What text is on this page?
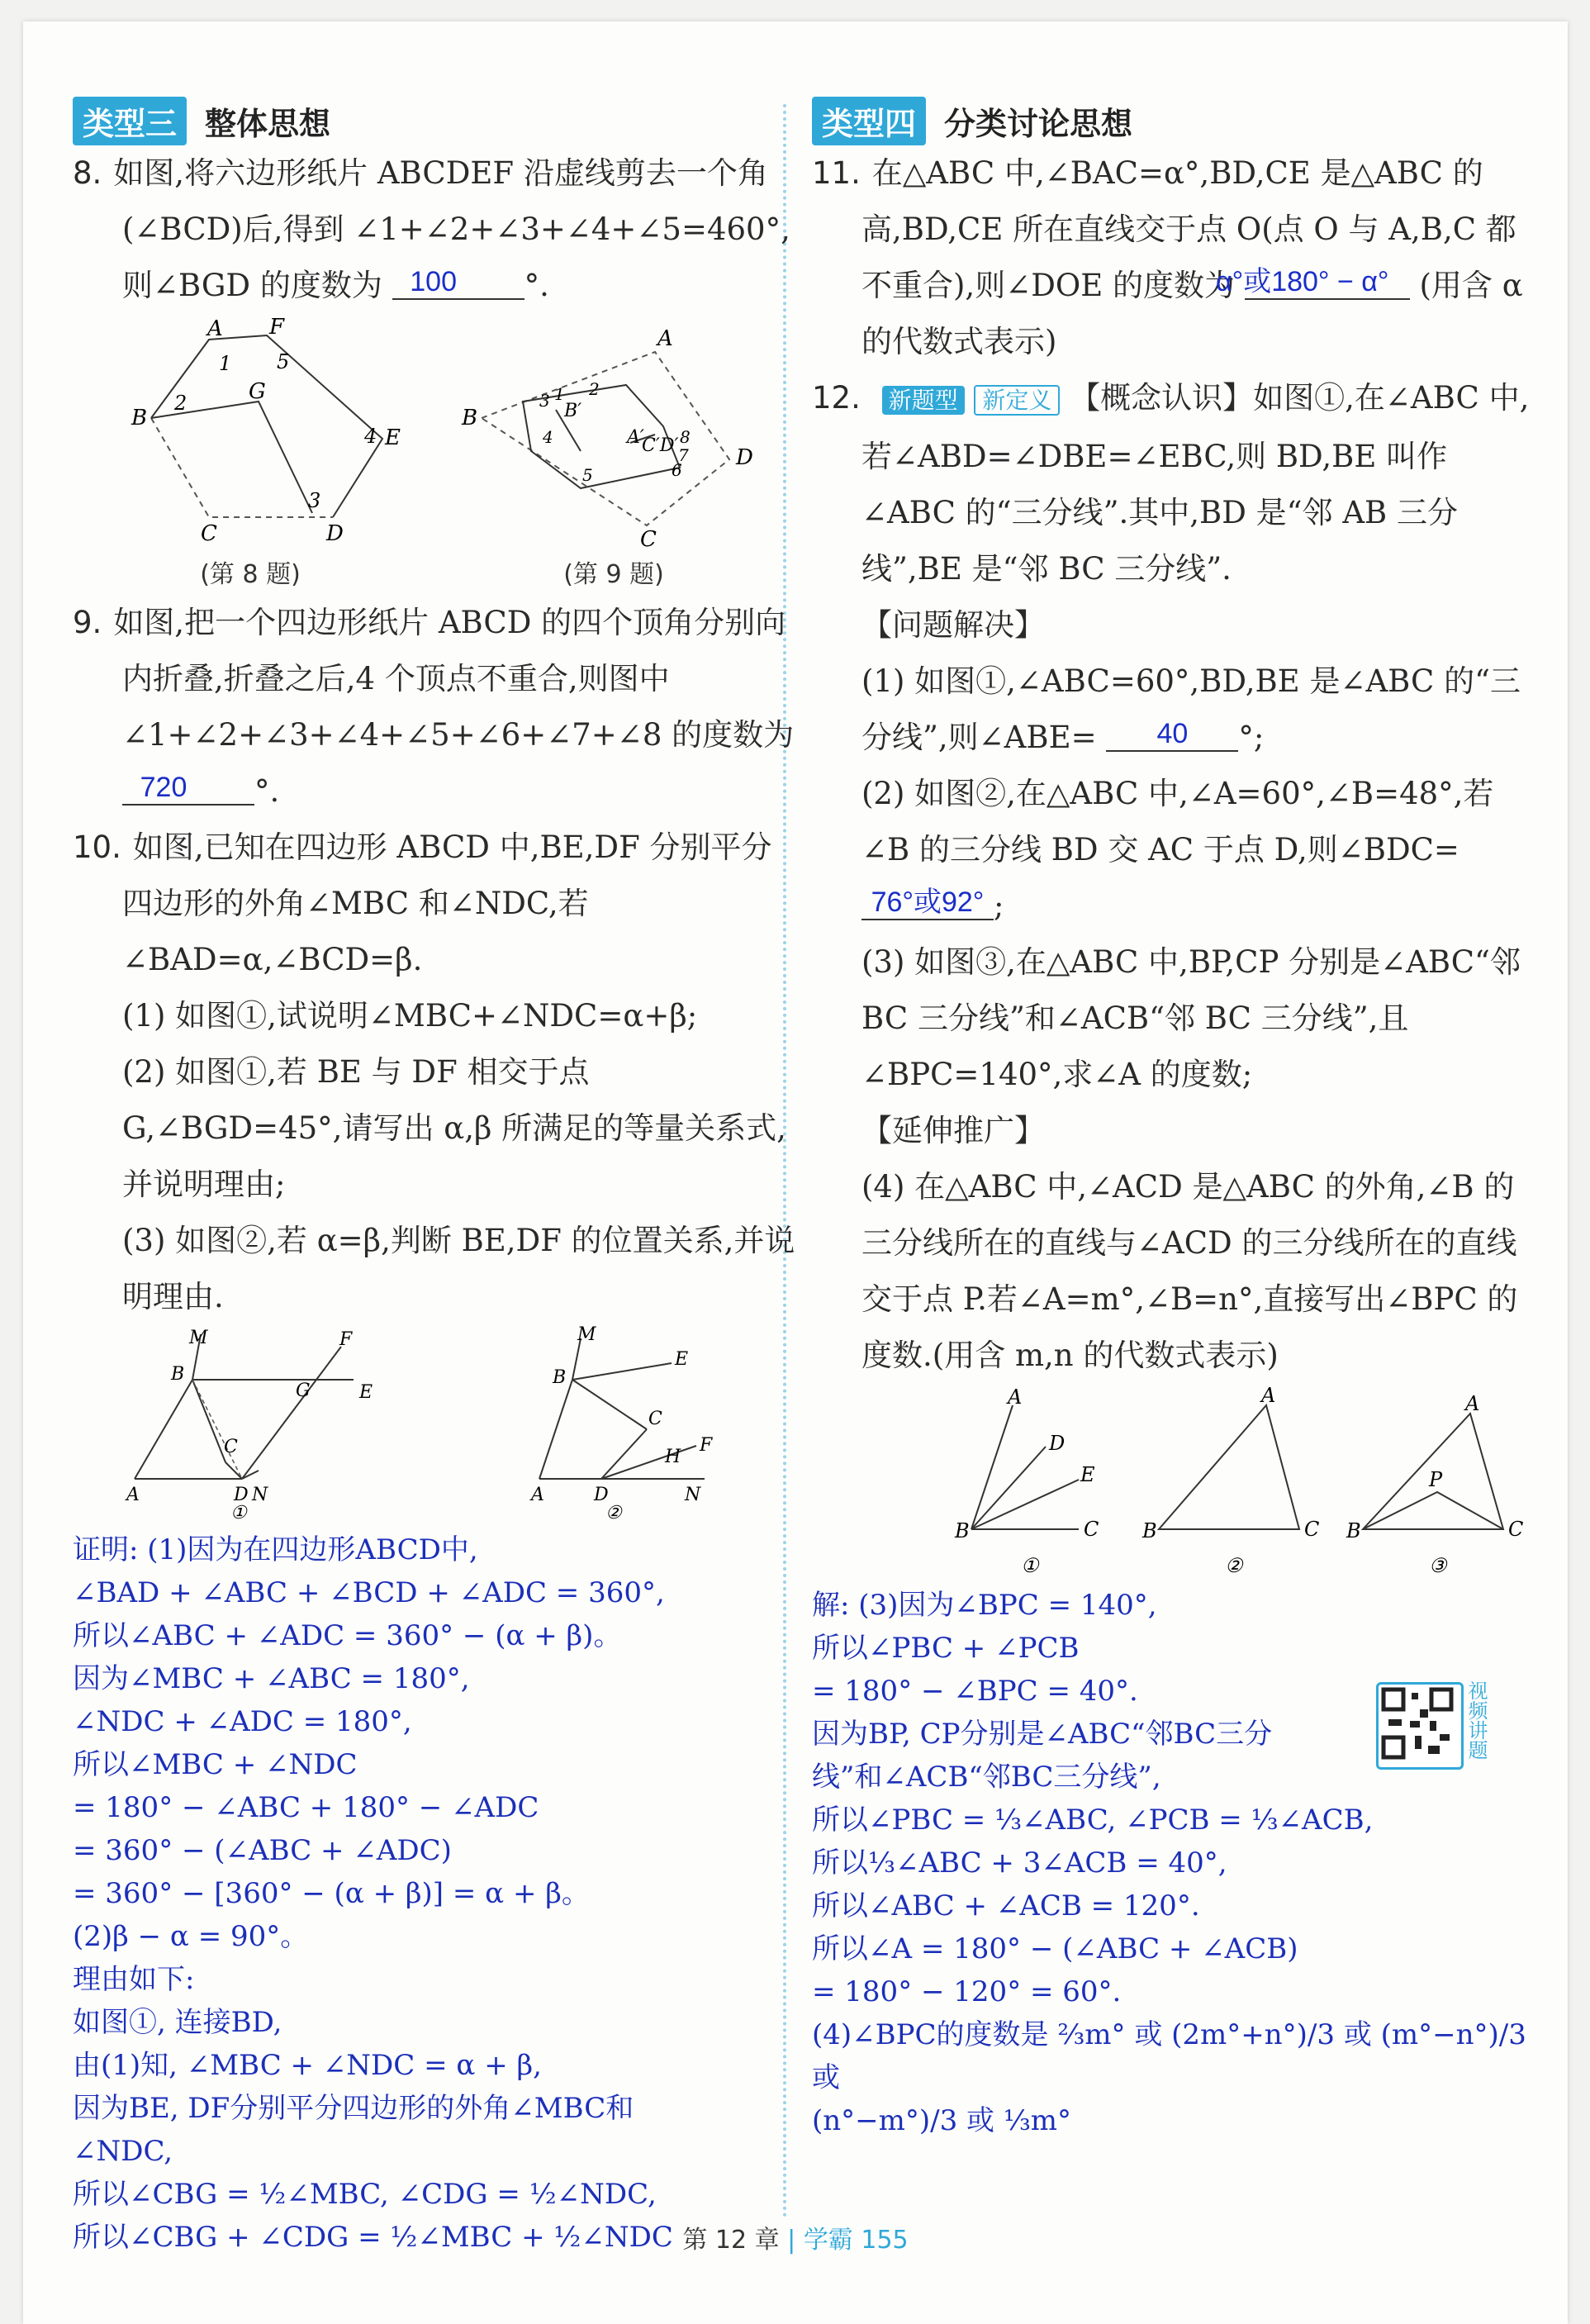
类型三 整体思想
8. 如图,将六边形纸片 ABCDEF 沿虚线剪去一个角(∠BCD)后,得到 ∠1+∠2+∠3+∠4+∠5=460°,则∠BGD 的度数为 100 °.
A F
B
G
E
C	D
1
2
3
4
5
(第 8 题)
A
B
C
D
B′
A′
C′D′
1 2
3
4
5	6
7
8
(第 9 题)
9. 如图,把一个四边形纸片 ABCD 的四个顶角分别向内折叠,折叠之后,4 个顶点不重合,则图中∠1+∠2+∠3+∠4+∠5+∠6+∠7+∠8 的度数为 720 °.
10. 如图,已知在四边形 ABCD 中,BE,DF 分别平分四边形的外角∠MBC 和∠NDC,若∠BAD=α,∠BCD=β.
(1) 如图①,试说明∠MBC+∠NDC=α+β;
(2) 如图①,若 BE 与 DF 相交于点 G,∠BGD=45°,请写出 α,β 所满足的等量关系式,并说明理由;
(3) 如图②,若 α=β,判断 BE,DF 的位置关系,并说明理由.
M	F
B
G	E
C
A	D N
①
M
E
B
C
F
H
A	D	N
②
证明: (1)因为在四边形ABCD中,
∠BAD + ∠ABC + ∠BCD + ∠ADC = 360°,
所以∠ABC + ∠ADC = 360° − (α + β)。
因为∠MBC + ∠ABC = 180°,
∠NDC + ∠ADC = 180°,
所以∠MBC + ∠NDC
= 180° − ∠ABC + 180° − ∠ADC
= 360° − (∠ABC + ∠ADC)
= 360° − [360° − (α + β)] = α + β。
(2)β − α = 90°。
理由如下:
如图①, 连接BD,
由(1)知, ∠MBC + ∠NDC = α + β,
因为BE, DF分别平分四边形的外角∠MBC和
∠NDC,
所以∠CBG = ½∠MBC, ∠CDG = ½∠NDC,
所以∠CBG + ∠CDG = ½∠MBC + ½∠NDC
类型四 分类讨论思想
11. 在△ABC 中,∠BAC=α°,BD,CE 是△ABC 的高,BD,CE 所在直线交于点 O(点 O 与 A,B,C 都不重合),则∠DOE 的度数为 α°或180° − α° (用含 α 的代数式表示)
12. 新题型 新定义 【概念认识】如图①,在∠ABC 中,若∠ABD=∠DBE=∠EBC,则 BD,BE 叫作∠ABC 的“三分线”.其中,BD 是“邻 AB 三分线”,BE 是“邻 BC 三分线”.
【问题解决】
(1) 如图①,∠ABC=60°,BD,BE 是∠ABC 的“三分线”,则∠ABE= 40 °;
(2) 如图②,在△ABC 中,∠A=60°,∠B=48°,若∠B 的三分线 BD 交 AC 于点 D,则∠BDC= 76°或92° ;
(3) 如图③,在△ABC 中,BP,CP 分别是∠ABC“邻 BC 三分线”和∠ACB“邻 BC 三分线”,且∠BPC=140°,求∠A 的度数;
【延伸推广】
(4) 在△ABC 中,∠ACD 是△ABC 的外角,∠B 的三分线所在的直线与∠ACD 的三分线所在的直线交于点 P.若∠A=m°,∠B=n°,直接写出∠BPC 的度数.(用含 m,n 的代数式表示)
A
D
E
B	C
①
A
B	C
②
A
P
B	C
③
解: (3)因为∠BPC = 140°,
所以∠PBC + ∠PCB
= 180° − ∠BPC = 40°.
因为BP, CP分别是∠ABC“邻BC三分
线”和∠ACB“邻BC三分线”,
所以∠PBC = ⅓∠ABC, ∠PCB = ⅓∠ACB,
所以⅓∠ABC + 3∠ACB = 40°,
所以∠ABC + ∠ACB = 120°.
所以∠A = 180° − (∠ABC + ∠ACB)
= 180° − 120° = 60°.
(4)∠BPC的度数是 ⅔m° 或 (2m°+n°)/3 或 (m°−n°)/3 或
(n°−m°)/3 或 ⅓m°
视频讲题
第 12 章 | 学霸 155
